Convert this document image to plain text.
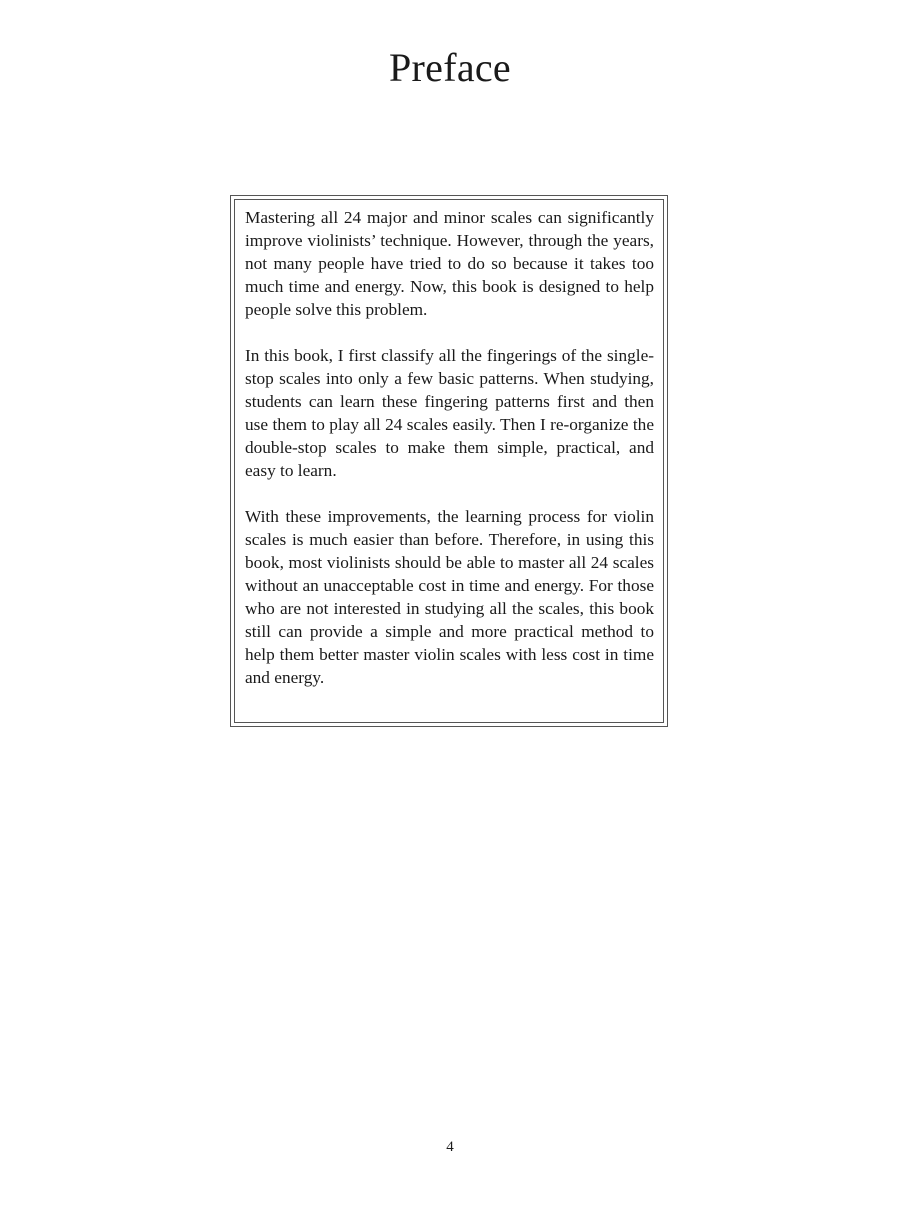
Preface

Mastering all 24 major and minor scales can significantly improve violinists’ technique. However, through the years, not many people have tried to do so because it takes too much time and energy. Now, this book is designed to help people solve this problem.

In this book, I first classify all the fingerings of the single-stop scales into only a few basic patterns. When studying, students can learn these fingering patterns first and then use them to play all 24 scales easily. Then I re-organize the double-stop scales to make them simple, practical, and easy to learn.

With these improvements, the learning process for violin scales is much easier than before. Therefore, in using this book, most violinists should be able to master all 24 scales without an unacceptable cost in time and energy. For those who are not interested in studying all the scales, this book still can provide a simple and more practical method to help them better master violin scales with less cost in time and energy.

4
